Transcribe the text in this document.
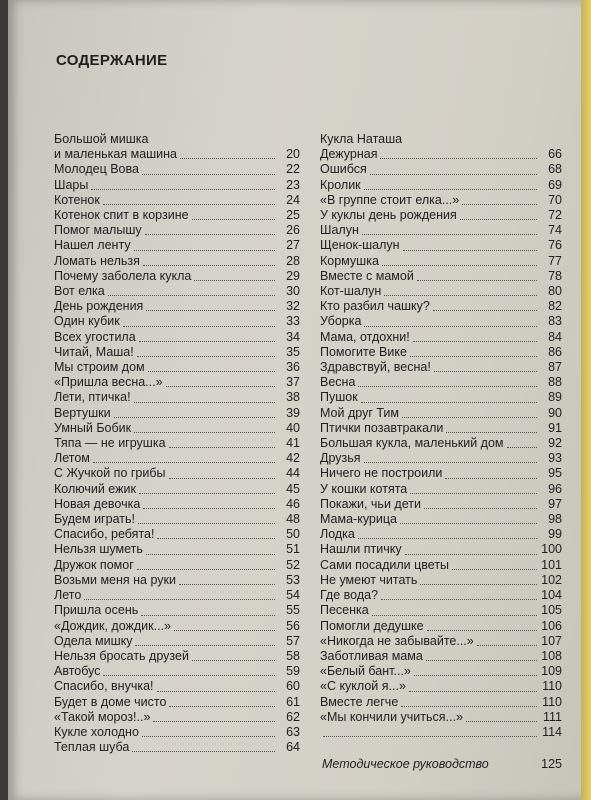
СОДЕРЖАНИЕ
Большой мишка
и маленькая машина	20
Молодец Вова	22
Шары	23
Котенок	24
Котенок спит в корзине	25
Помог малышу	26
Нашел ленту	27
Ломать нельзя	28
Почему заболела кукла	29
Вот елка	30
День рождения	32
Один кубик	33
Всех угостила	34
Читай, Маша!	35
Мы строим дом	36
«Пришла весна...»	37
Лети, птичка!	38
Вертушки	39
Умный Бобик	40
Тяпа — не игрушка	41
Летом	42
С Жучкой по грибы	44
Колючий ежик	45
Новая девочка	46
Будем играть!	48
Спасибо, ребята!	50
Нельзя шуметь	51
Дружок помог	52
Возьми меня на руки	53
Лето	54
Пришла осень	55
«Дождик, дождик...»	56
Одела мишку	57
Нельзя бросать друзей	58
Автобус	59
Спасибо, внучка!	60
Будет в доме чисто	61
«Такой мороз!..»	62
Кукле холодно	63
Теплая шуба	64
Кукла Наташа
Дежурная	66
Ошибся	68
Кролик	69
«В группе стоит елка...»	70
У куклы день рождения	72
Шалун	74
Щенок-шалун	76
Кормушка	77
Вместе с мамой	78
Кот-шалун	80
Кто разбил чашку?	82
Уборка	83
Мама, отдохни!	84
Помогите Вике	86
Здравствуй, весна!	87
Весна	88
Пушок	89
Мой друг Тим	90
Птички позавтракали	91
Большая кукла, маленький дом	92
Друзья	93
Ничего не построили	95
У кошки котята	96
Покажи, чьи дети	97
Мама-курица	98
Лодка	99
Нашли птичку	100
Сами посадили цветы	101
Не умеют читать	102
Где вода?	104
Песенка	105
Помогли дедушке	106
«Никогда не забывайте...»	107
Заботливая мама	108
«Белый бант...»	109
«С куклой я...»	110
Вместе легче	110
«Мы кончили учиться...»	111
114
Методическое руководство	125
